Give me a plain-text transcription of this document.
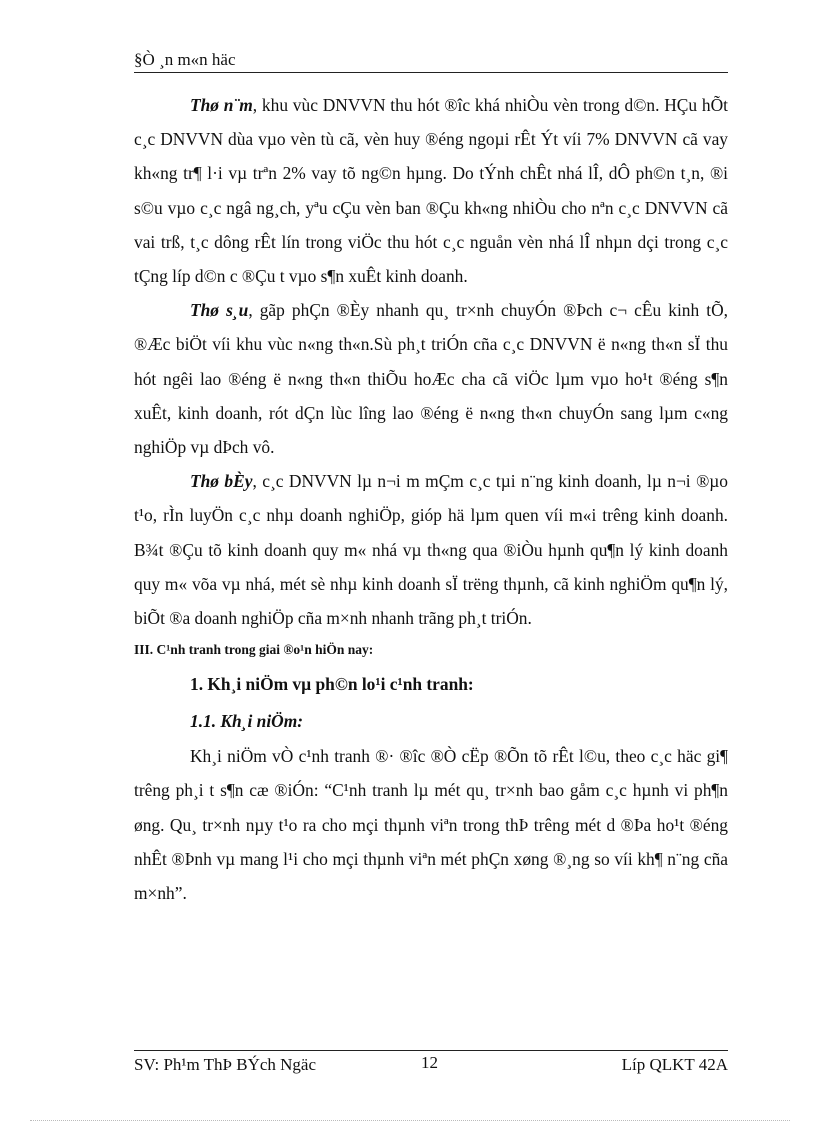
§Ò ¸n m«n häc

Thø n¨m, khu vùc DNVVN thu hót ®îc khá nhiÒu vèn trong d©n. HÇu hÕt c¸c DNVVN dùa vµo vèn tù cã, vèn huy ®éng ngoµi rÊt Ýt víi 7% DNVVN cã vay kh«ng tr¶ l·i vµ trªn 2% vay tõ ng©n hµng. Do tÝnh chÊt nhá lÎ, dÔ ph©n t¸n, ®i s©u vµo c¸c ngâ ng¸ch, yªu cÇu vèn ban ®Çu kh«ng nhiÒu cho nªn c¸c DNVVN cã vai trß, t¸c dông rÊt lín trong viÖc thu hót c¸c nguån vèn nhá lÎ nhµn dçi trong c¸c tÇng líp d©n c ®Çu t vµo s¶n xuÊt kinh doanh.

Thø s¸u, gãp phÇn ®Èy nhanh qu¸ tr×nh chuyÓn ®Þch c¬ cÊu kinh tÕ, ®Æc biÖt víi khu vùc n«ng th«n.Sù ph¸t triÓn cña c¸c DNVVN ë n«ng th«n sÏ thu hót ngêi lao ®éng ë n«ng th«n thiÕu hoÆc cha cã viÖc lµm vµo ho¹t ®éng s¶n xuÊt, kinh doanh, rót dÇn lùc lîng lao ®éng ë n«ng th«n chuyÓn sang lµm c«ng nghiÖp vµ dÞch vô.

Thø bÈy, c¸c DNVVN lµ n¬i m mÇm c¸c tµi n¨ng kinh doanh, lµ n¬i ®µo t¹o, rÌn luyÖn c¸c nhµ doanh nghiÖp, gióp hä lµm quen víi m«i trêng kinh doanh. B¾t ®Çu tõ kinh doanh quy m« nhá vµ th«ng qua ®iÒu hµnh qu¶n lý kinh doanh quy m« võa vµ nhá, mét sè nhµ kinh doanh sÏ trëng thµnh, cã kinh nghiÖm qu¶n lý, biÕt ®a doanh nghiÖp cña m×nh nhanh trãng ph¸t triÓn.

III. C¹nh tranh trong giai ®o¹n hiÖn nay:

1. Kh¸i niÖm vµ ph©n lo¹i c¹nh tranh:

1.1. Kh¸i niÖm:

Kh¸i niÖm vÒ c¹nh tranh ®· ®îc ®Ò cËp ®Õn tõ rÊt l©u, theo c¸c häc gi¶ trêng ph¸i t s¶n cæ ®iÓn: “C¹nh tranh lµ mét qu¸ tr×nh bao gåm c¸c hµnh vi ph¶n øng. Qu¸ tr×nh nµy t¹o ra cho mçi thµnh viªn trong thÞ trêng mét d ®Þa ho¹t ®éng nhÊt ®Þnh vµ mang l¹i cho mçi thµnh viªn mét phÇn xøng ®¸ng so víi kh¶ n¨ng cña m×nh”.

SV: Ph¹m ThÞ BÝch Ngäc	12	Líp QLKT 42A
